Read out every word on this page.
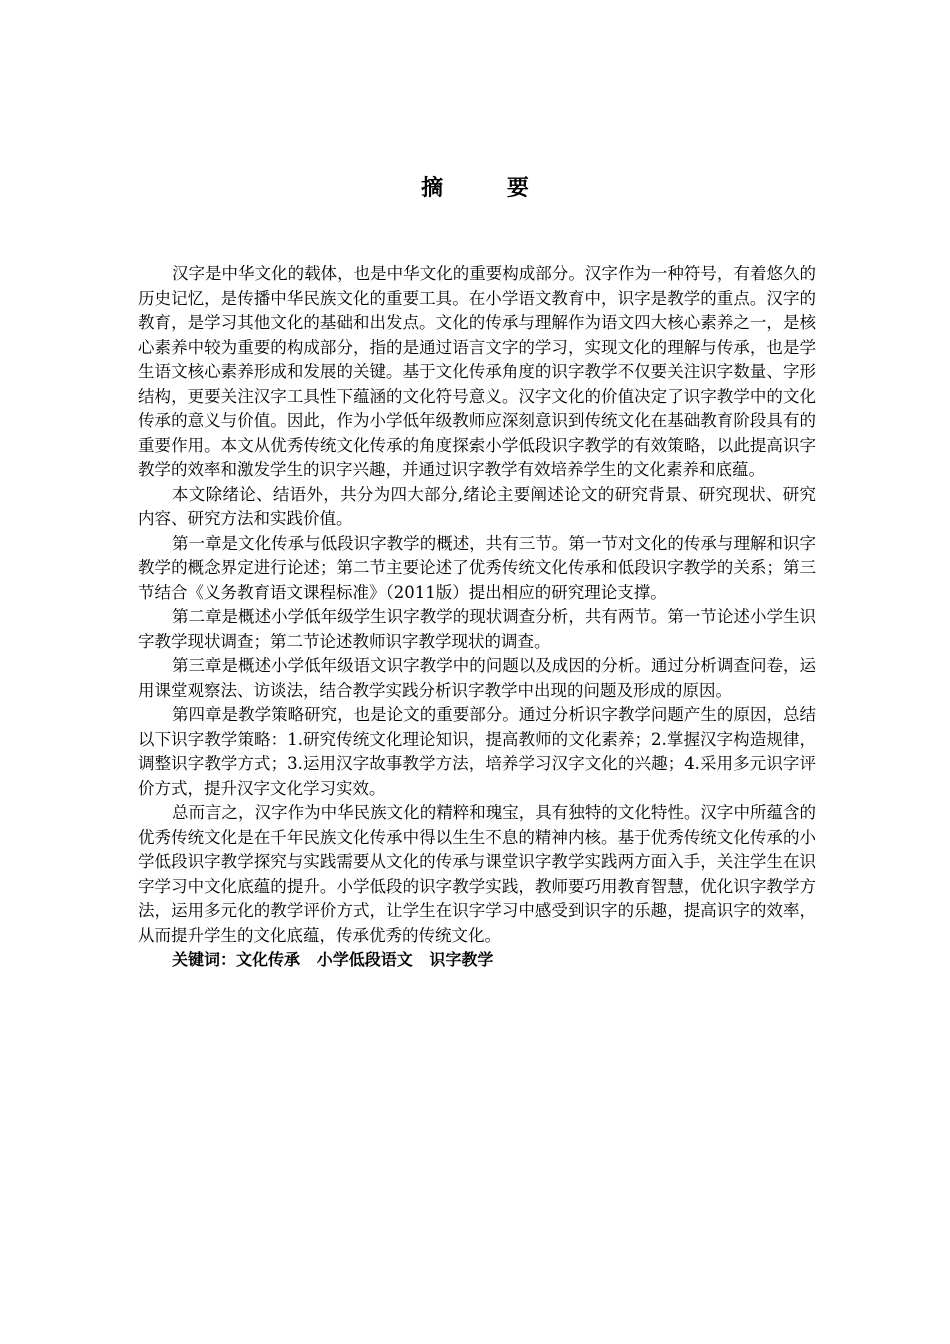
摘 要

汉字是中华文化的载体，也是中华文化的重要构成部分。汉字作为一种符号，有着悠久的历史记忆，是传播中华民族文化的重要工具。在小学语文教育中，识字是教学的重点。汉字的教育，是学习其他文化的基础和出发点。文化的传承与理解作为语文四大核心素养之一，是核心素养中较为重要的构成部分，指的是通过语言文字的学习，实现文化的理解与传承，也是学生语文核心素养形成和发展的关键。基于文化传承角度的识字教学不仅要关注识字数量、字形结构，更要关注汉字工具性下蕴涵的文化符号意义。汉字文化的价值决定了识字教学中的文化传承的意义与价值。因此，作为小学低年级教师应深刻意识到传统文化在基础教育阶段具有的重要作用。本文从优秀传统文化传承的角度探索小学低段识字教学的有效策略，以此提高识字教学的效率和激发学生的识字兴趣，并通过识字教学有效培养学生的文化素养和底蕴。

本文除绪论、结语外，共分为四大部分,绪论主要阐述论文的研究背景、研究现状、研究内容、研究方法和实践价值。

第一章是文化传承与低段识字教学的概述，共有三节。第一节对文化的传承与理解和识字教学的概念界定进行论述；第二节主要论述了优秀传统文化传承和低段识字教学的关系；第三节结合《义务教育语文课程标准》（2011版）提出相应的研究理论支撑。

第二章是概述小学低年级学生识字教学的现状调查分析，共有两节。第一节论述小学生识字教学现状调查；第二节论述教师识字教学现状的调查。

第三章是概述小学低年级语文识字教学中的问题以及成因的分析。通过分析调查问卷，运用课堂观察法、访谈法，结合教学实践分析识字教学中出现的问题及形成的原因。

第四章是教学策略研究，也是论文的重要部分。通过分析识字教学问题产生的原因，总结以下识字教学策略：1.研究传统文化理论知识，提高教师的文化素养；2.掌握汉字构造规律，调整识字教学方式；3.运用汉字故事教学方法，培养学习汉字文化的兴趣；4.采用多元识字评价方式，提升汉字文化学习实效。

总而言之，汉字作为中华民族文化的精粹和瑰宝，具有独特的文化特性。汉字中所蕴含的优秀传统文化是在千年民族文化传承中得以生生不息的精神内核。基于优秀传统文化传承的小学低段识字教学探究与实践需要从文化的传承与课堂识字教学实践两方面入手，关注学生在识字学习中文化底蕴的提升。小学低段的识字教学实践，教师要巧用教育智慧，优化识字教学方法，运用多元化的教学评价方式，让学生在识字学习中感受到识字的乐趣，提高识字的效率，从而提升学生的文化底蕴，传承优秀的传统文化。

关键词：文化传承   小学低段语文   识字教学
